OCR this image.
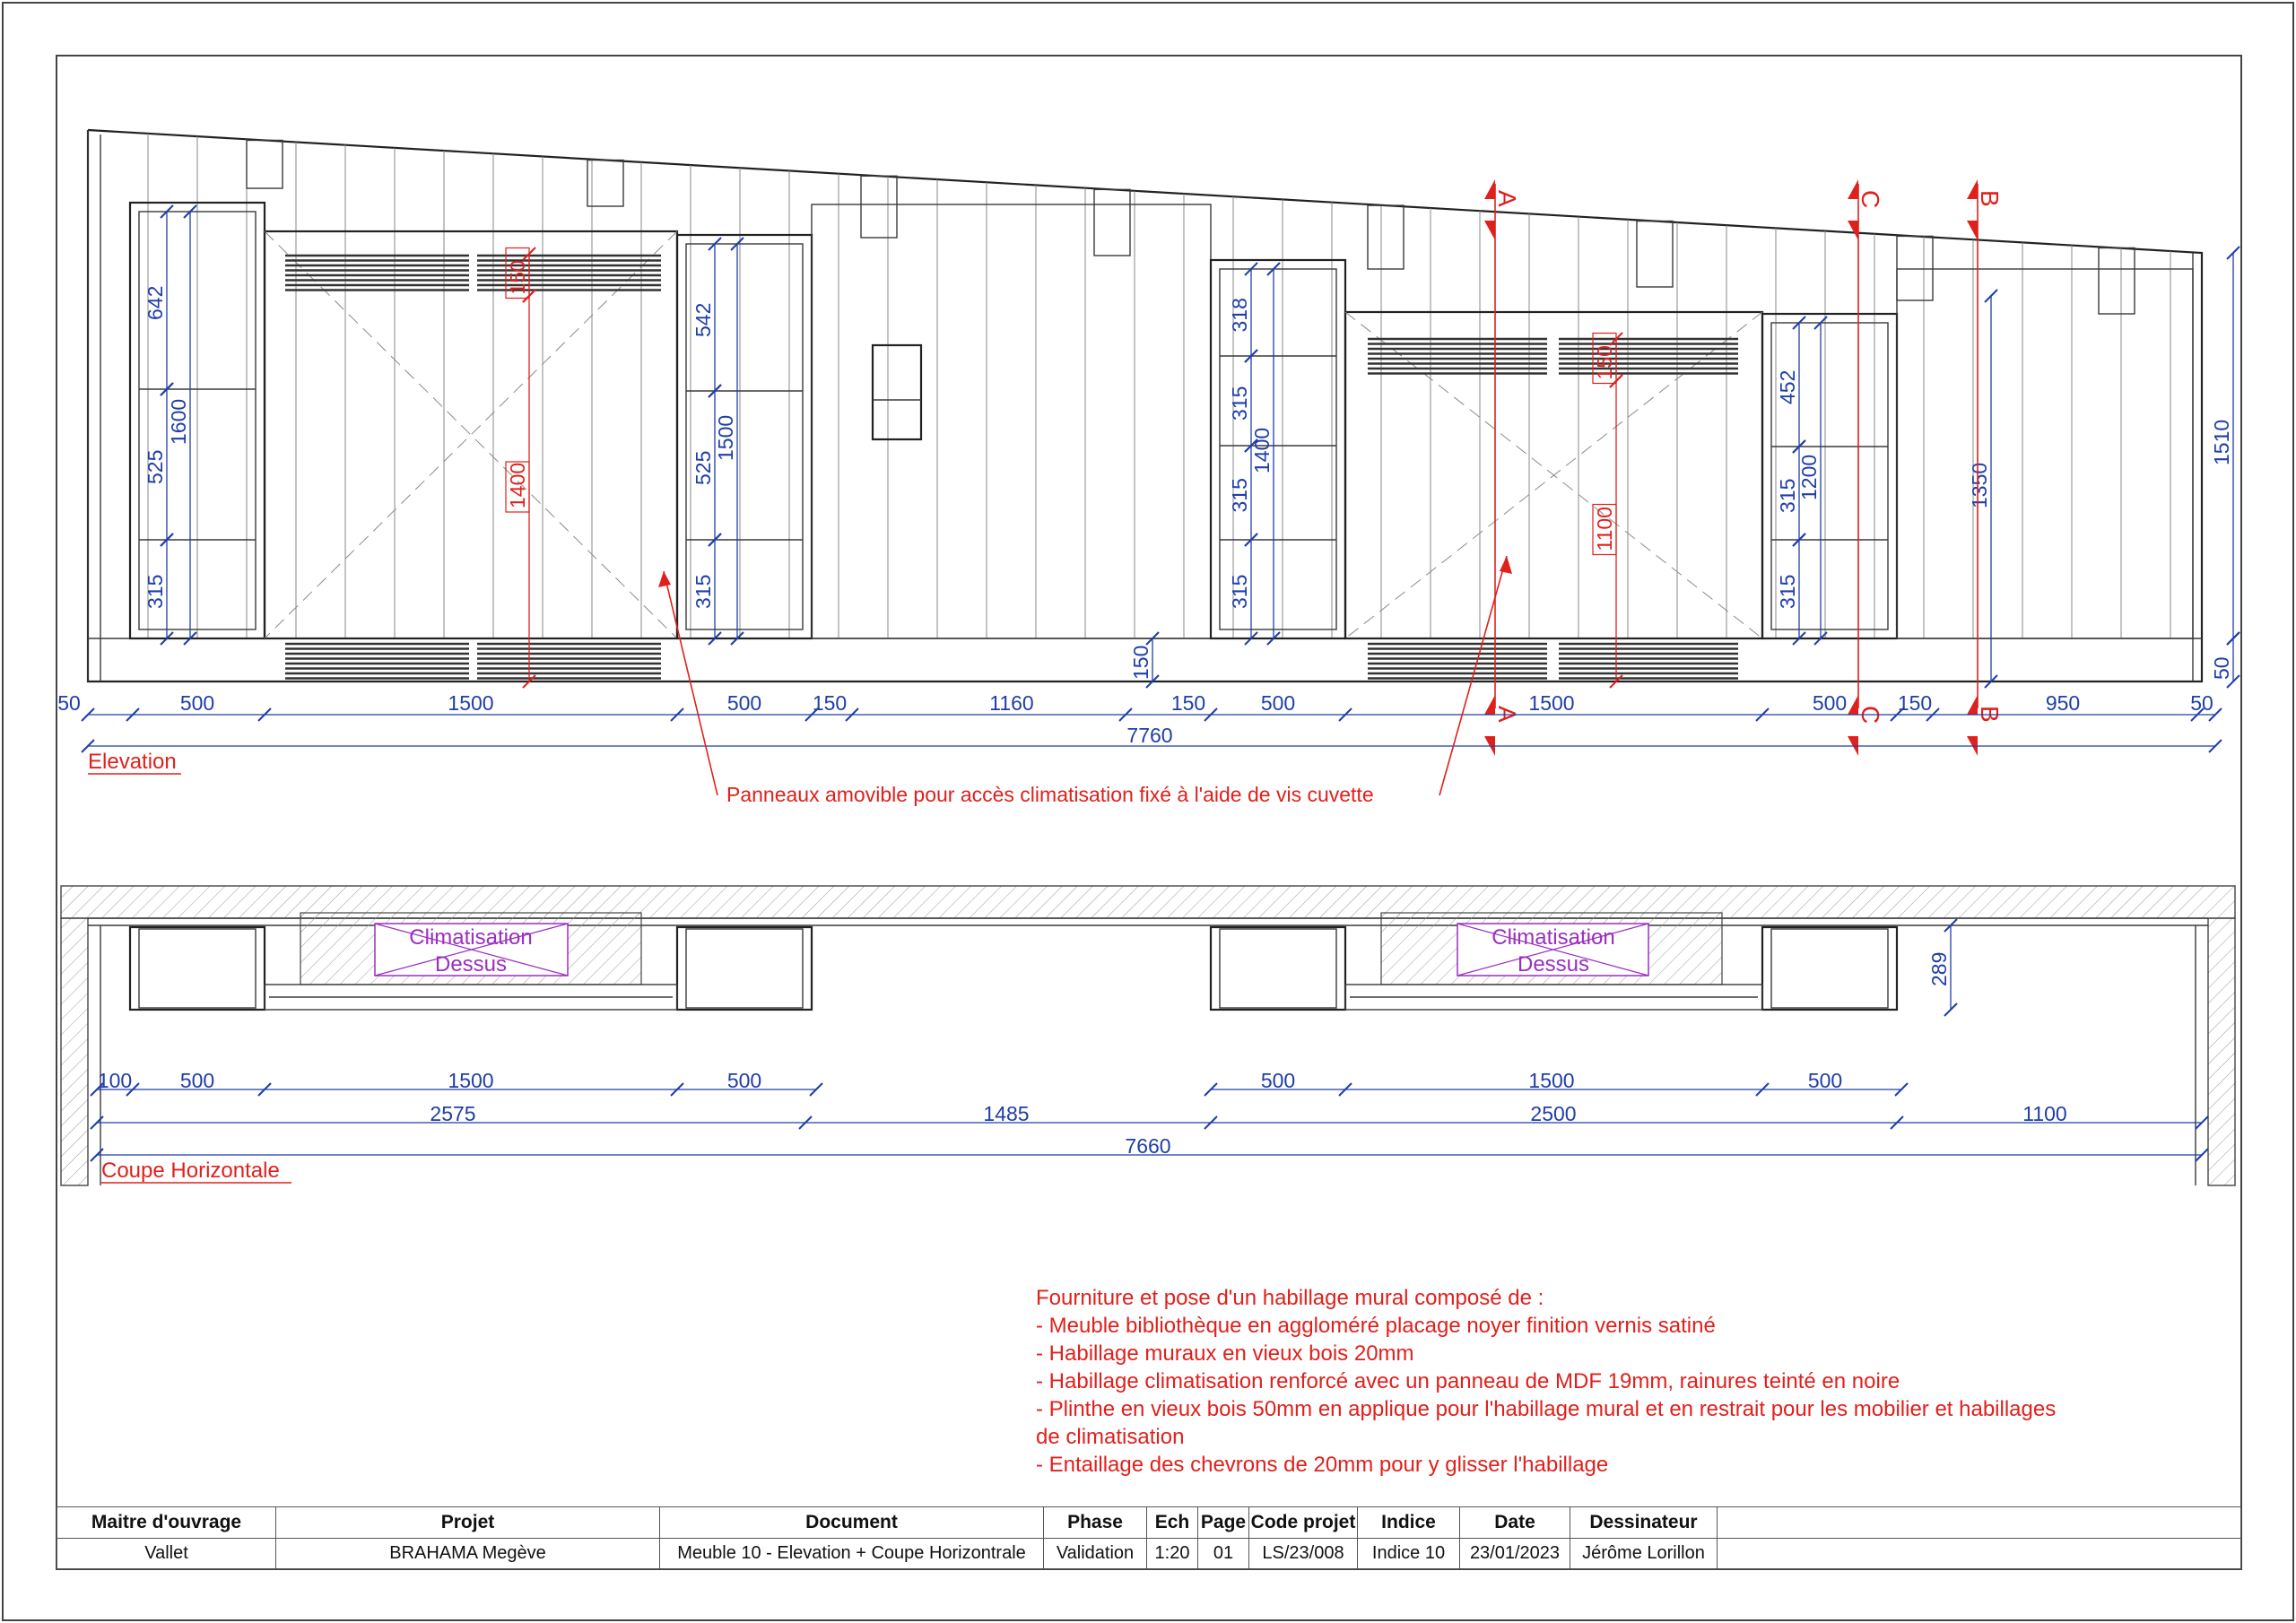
642
525
315
1600
150
1400
542
525
315
1500
318
315
315
315
1400
150
1100
452
315
315
1200	1350
1510
50
150
A	C	B
A	C	B
50	500	1500	500 150	1160	150	500	1500	500 150	950	50
7760
Elevation
Panneaux amovible pour accès climatisation fixé à l'aide de vis cuvette
Climatisation
Dessus
Climatisation
Dessus	289
100 500	1500	500	500	1500	500
2575	1485	2500	1100
7660
Coupe Horizontale
Fourniture et pose d'un habillage mural composé de :
- Meuble bibliothèque en aggloméré placage noyer finition vernis satiné
- Habillage muraux en vieux bois 20mm
- Habillage climatisation renforcé avec un panneau de MDF 19mm, rainures teinté en noire
- Plinthe en vieux bois 50mm en applique pour l'habillage mural et en restrait pour les mobilier et habillages de climatisation
- Entaillage des chevrons de 20mm pour y glisser l'habillage
Maitre d'ouvrage	Projet	Document	Phase	Ech	Page	Code projet	Indice	Date	Dessinateur	
Vallet	BRAHAMA Megève	Meuble 10 - Elevation + Coupe Horizontrale	Validation	1:20	01	LS/23/008	Indice 10	23/01/2023	Jérôme Lorillon	
